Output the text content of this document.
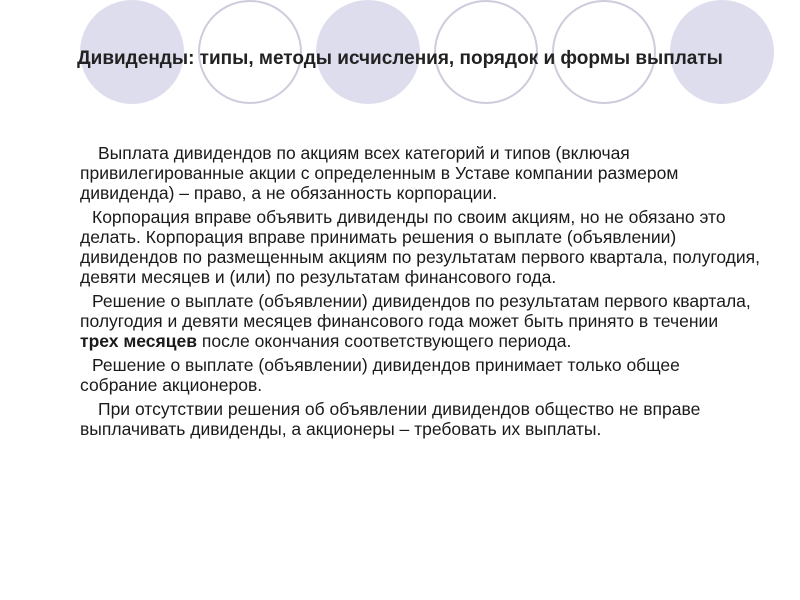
Дивиденды: типы, методы исчисления, порядок и формы выплаты

Выплата дивидендов по акциям всех категорий и типов (включая привилегированные акции с определенным в Уставе компании размером дивиденда) – право, а не обязанность корпорации.

Корпорация вправе объявить дивиденды по своим акциям, но не обязано это делать. Корпорация вправе принимать решения о выплате (объявлении) дивидендов по размещенным акциям по результатам первого квартала, полугодия, девяти месяцев и (или) по результатам финансового года.

Решение о выплате (объявлении) дивидендов по результатам первого квартала, полугодия и девяти месяцев финансового года может быть принято в течении трех месяцев после окончания соответствующего периода.

Решение о выплате (объявлении) дивидендов принимает только общее собрание акционеров.

При отсутствии решения об объявлении дивидендов общество не вправе выплачивать дивиденды, а акционеры – требовать их выплаты.
